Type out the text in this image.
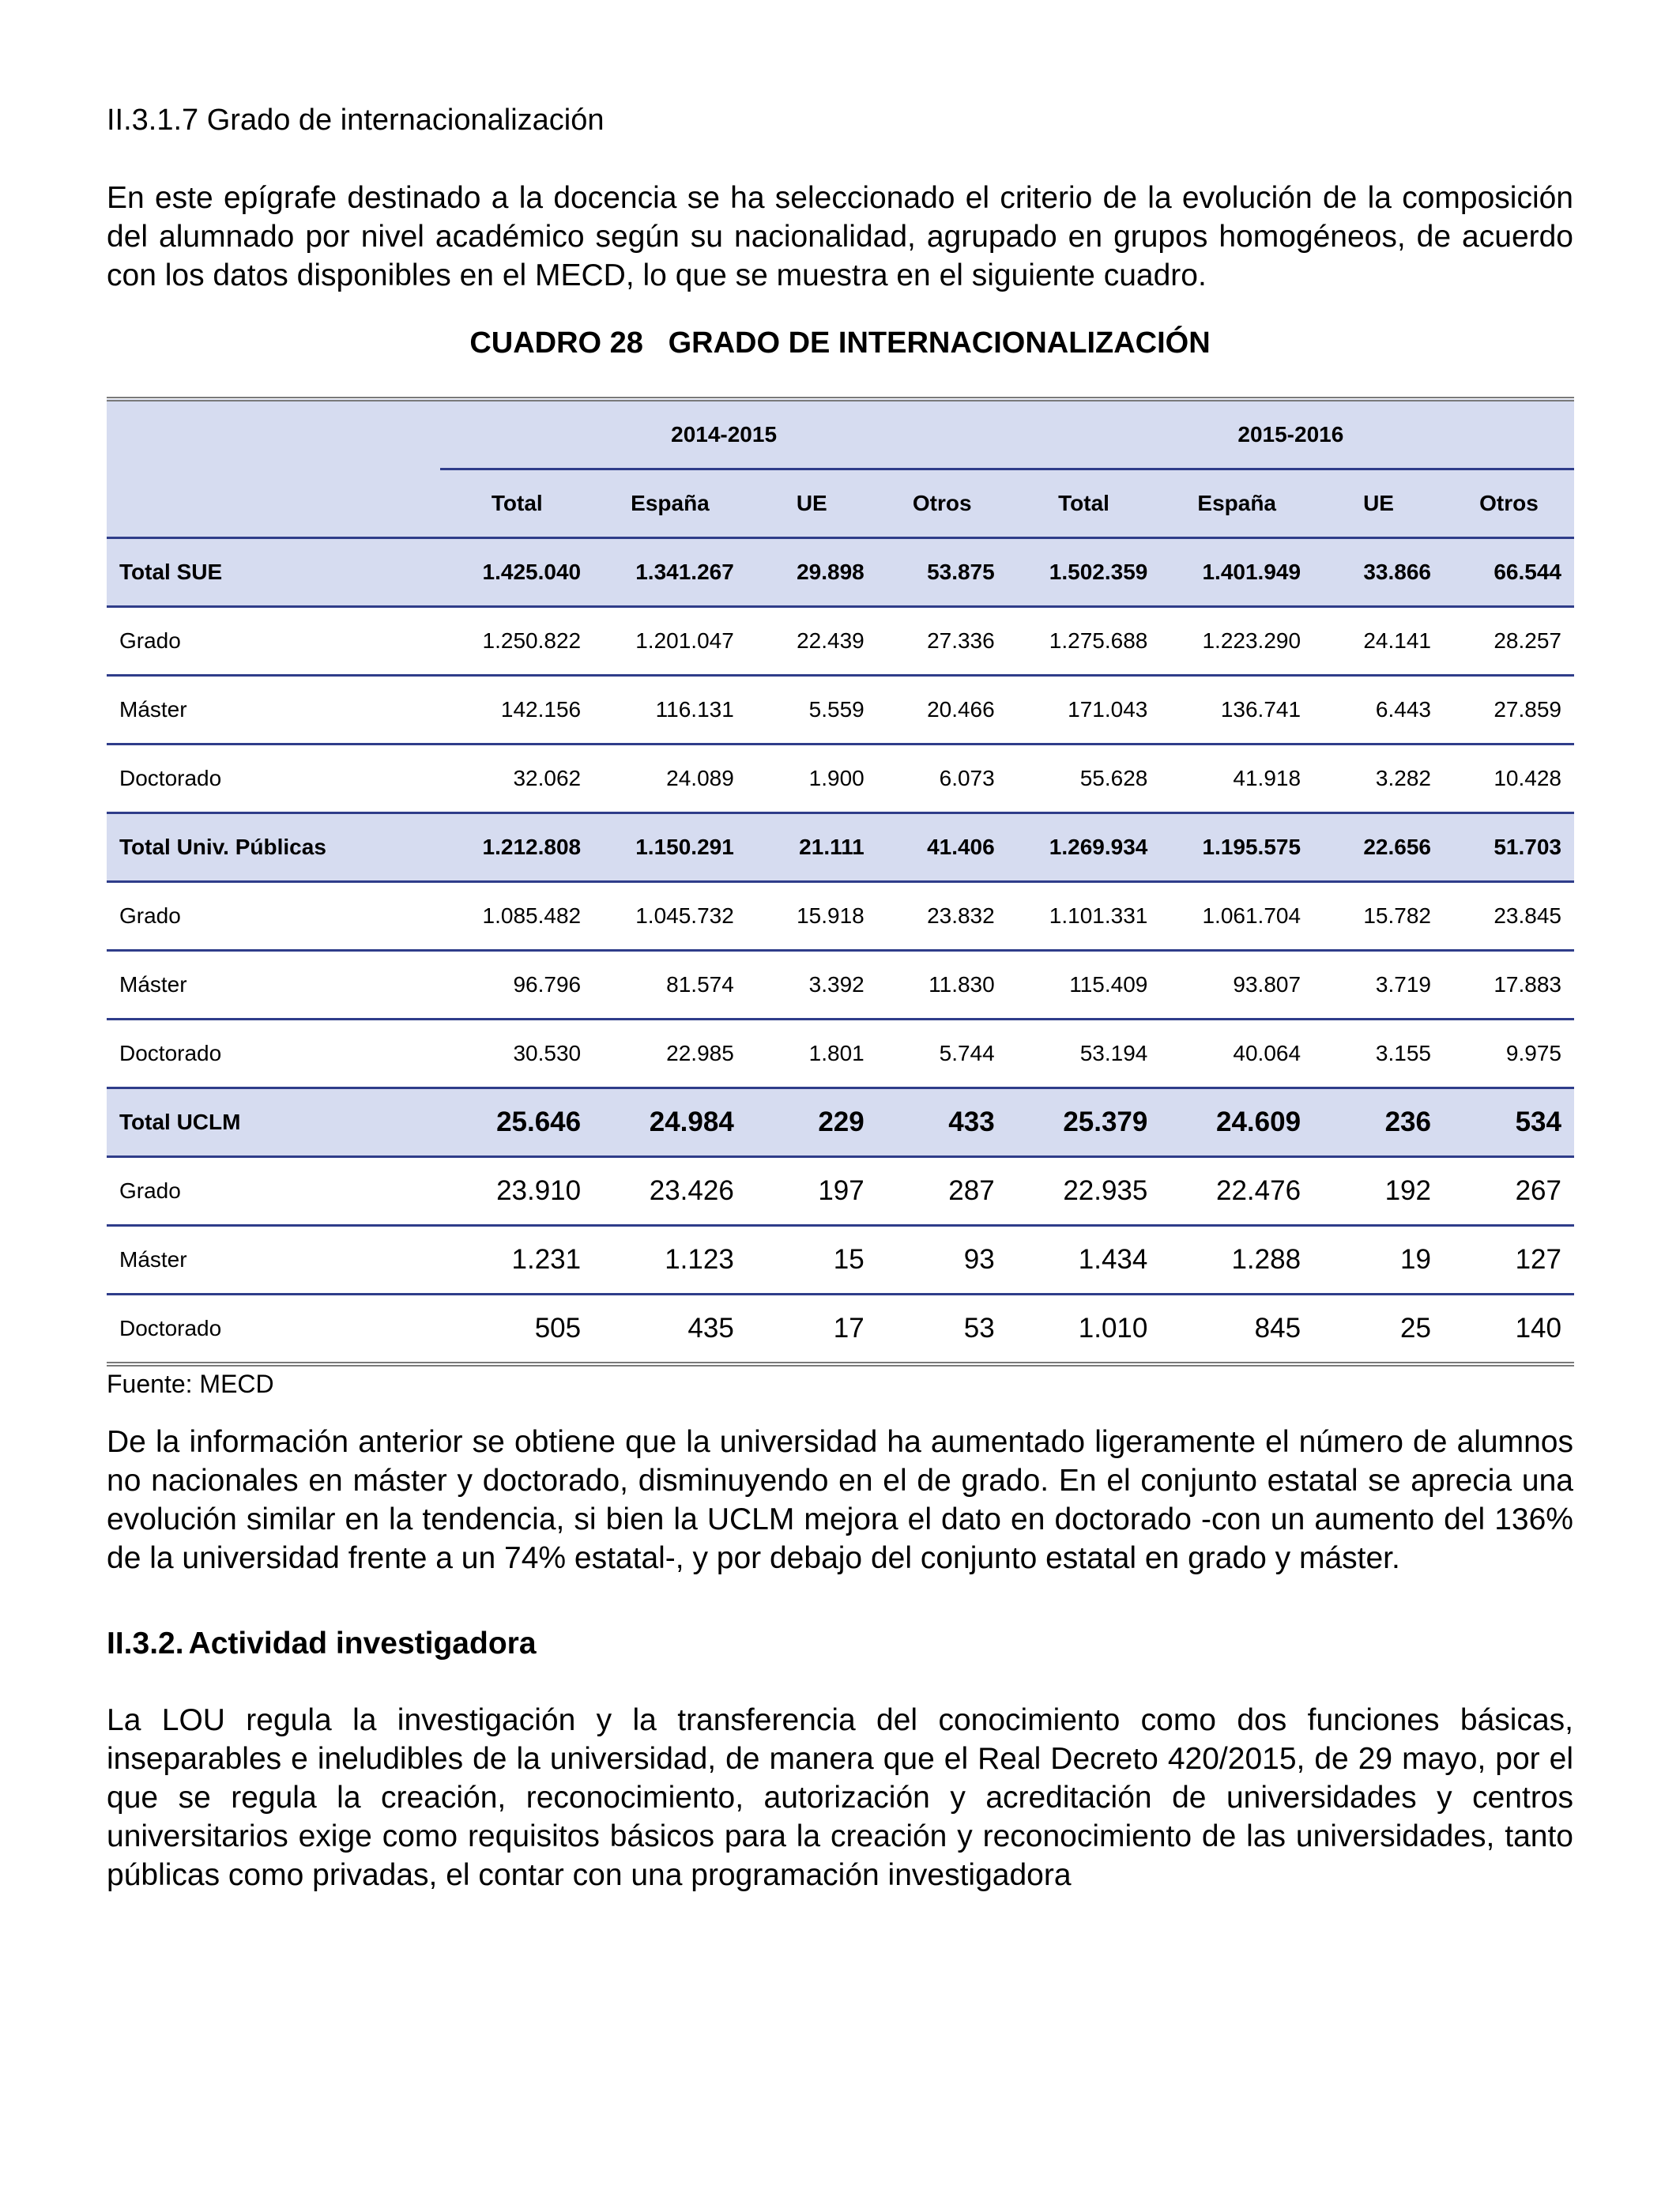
II.3.1.7 Grado de internacionalización

En este epígrafe destinado a la docencia se ha seleccionado el criterio de la evolución de la composición del alumnado por nivel académico según su nacionalidad, agrupado en grupos homogéneos, de acuerdo con los datos disponibles en el MECD, lo que se muestra en el siguiente cuadro.

CUADRO 28   GRADO DE INTERNACIONALIZACIÓN
	2014-2015				2015-2016			
	Total	España	UE	Otros	Total	España	UE	Otros
Total SUE	1.425.040	1.341.267	29.898	53.875	1.502.359	1.401.949	33.866	66.544
Grado	1.250.822	1.201.047	22.439	27.336	1.275.688	1.223.290	24.141	28.257
Máster	142.156	116.131	5.559	20.466	171.043	136.741	6.443	27.859
Doctorado	32.062	24.089	1.900	6.073	55.628	41.918	3.282	10.428
Total Univ. Públicas	1.212.808	1.150.291	21.111	41.406	1.269.934	1.195.575	22.656	51.703
Grado	1.085.482	1.045.732	15.918	23.832	1.101.331	1.061.704	15.782	23.845
Máster	96.796	81.574	3.392	11.830	115.409	93.807	3.719	17.883
Doctorado	30.530	22.985	1.801	5.744	53.194	40.064	3.155	9.975
Total UCLM	25.646	24.984	229	433	25.379	24.609	236	534
Grado	23.910	23.426	197	287	22.935	22.476	192	267
Máster	1.231	1.123	15	93	1.434	1.288	19	127
Doctorado	505	435	17	53	1.010	845	25	140
Fuente: MECD

De la información anterior se obtiene que la universidad ha aumentado ligeramente el número de alumnos no nacionales en máster y doctorado, disminuyendo en el de grado. En el conjunto estatal se aprecia una evolución similar en la tendencia, si bien la UCLM mejora el dato en doctorado -con un aumento del 136% de la universidad frente a un 74% estatal-, y por debajo del conjunto estatal en grado y máster.

II.3.2. Actividad investigadora

La LOU regula la investigación y la transferencia del conocimiento como dos funciones básicas, inseparables e ineludibles de la universidad, de manera que el Real Decreto 420/2015, de 29 mayo, por el que se regula la creación, reconocimiento, autorización y acreditación de universidades y centros universitarios exige como requisitos básicos para la creación y reconocimiento de las universidades, tanto públicas como privadas, el contar con una programación investigadora
